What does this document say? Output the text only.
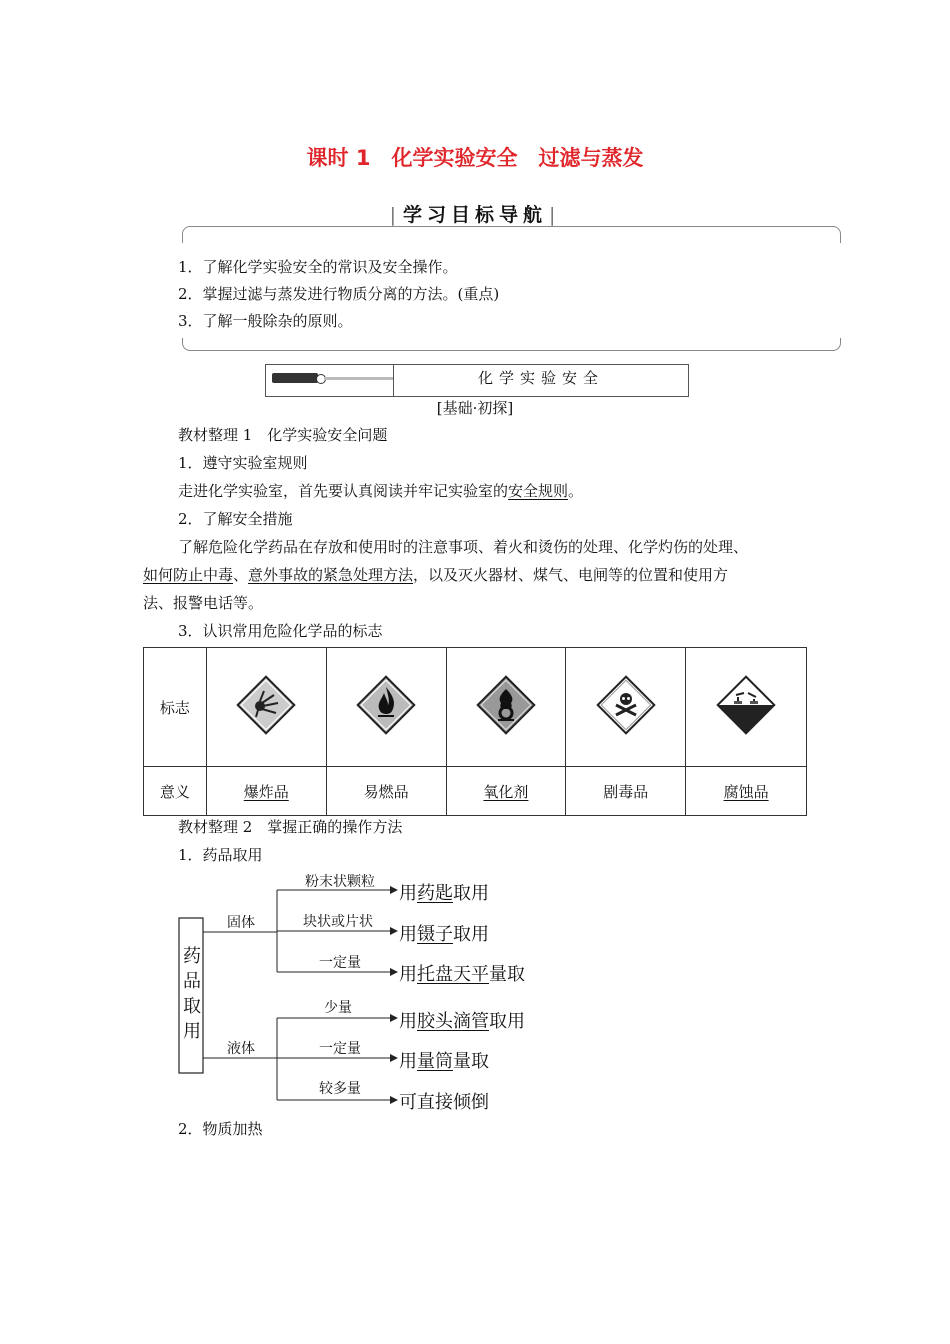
课时 1　化学实验安全　过滤与蒸发
| 学习目标导航 |
1．了解化学实验安全的常识及安全操作。
2．掌握过滤与蒸发进行物质分离的方法。(重点)
3．了解一般除杂的原则。
化学实验安全
[基础·初探]
教材整理 1　化学实验安全问题
1．遵守实验室规则
走进化学实验室，首先要认真阅读并牢记实验室的安全规则。
2．了解安全措施
了解危险化学药品在存放和使用时的注意事项、着火和烫伤的处理、化学灼伤的处理、
如何防止中毒、意外事故的紧急处理方法，以及灭火器材、煤气、电闸等的位置和使用方
法、报警电话等。
3．认识常用危险化学品的标志
标志					
意义	爆炸品	易燃品	氧化剂	剧毒品	腐蚀品
教材整理 2　掌握正确的操作方法
1．药品取用
药品取用
固体
液体
粉末状颗粒
块状或片状
一定量
少量
一定量
较多量
用药匙取用
用镊子取用
用托盘天平量取
用胶头滴管取用
用量筒量取
可直接倾倒
2．物质加热
